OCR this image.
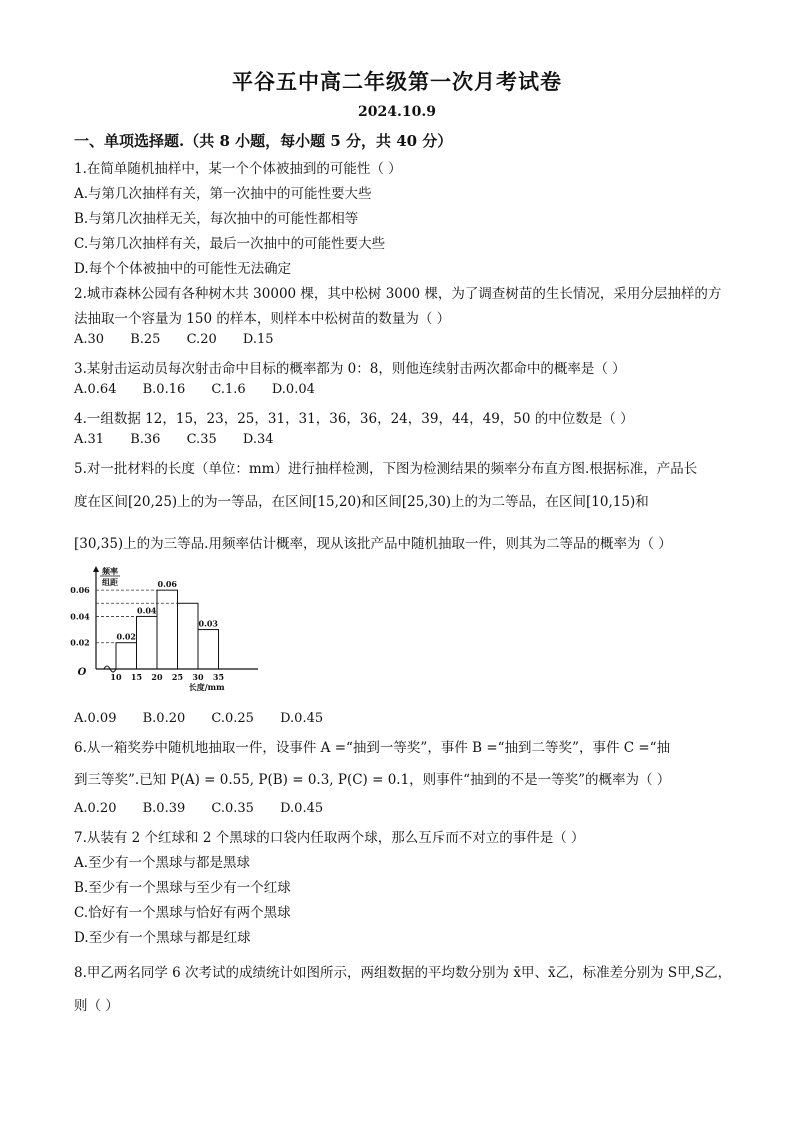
平谷五中高二年级第一次月考试卷
2024.10.9
一、单项选择题.（共 8 小题，每小题 5 分，共 40 分）
1.在简单随机抽样中，某一个个体被抽到的可能性（ ）
A.与第几次抽样有关，第一次抽中的可能性要大些
B.与第几次抽样无关，每次抽中的可能性都相等
C.与第几次抽样有关，最后一次抽中的可能性要大些
D.每个个体被抽中的可能性无法确定
2.城市森林公园有各种树木共 30000 棵，其中松树 3000 棵，为了调查树苗的生长情况，采用分层抽样的方
法抽取一个容量为 150 的样本，则样本中松树苗的数量为（ ）
A.30 B.25 C.20 D.15
3.某射击运动员每次射击命中目标的概率都为 0：8，则他连续射击两次都命中的概率是（ ）
A.0.64 B.0.16 C.1.6 D.0.04
4.一组数据 12，15，23，25，31，31，36，36，24，39，44，49，50 的中位数是（ ）
A.31 B.36 C.35 D.34
5.对一批材料的长度（单位：mm）进行抽样检测，下图为检测结果的频率分布直方图.根据标准，产品长
度在区间[20,25)上的为一等品，在区间[15,20)和区间[25,30)上的为二等品，在区间[10,15)和
[30,35)上的为三等品.用频率估计概率，现从该批产品中随机抽取一件，则其为二等品的概率为（ ）
0.02
0.04
0.06
0.02
0.04
0.06
0.03
10 15 20 25 30 35
O
长度/mm
频率
组距
A.0.09 B.0.20 C.0.25 D.0.45
6.从一箱奖券中随机地抽取一件，设事件 A =“抽到一等奖”，事件 B =“抽到二等奖”，事件 C =“抽
到三等奖”.已知 P(A) = 0.55, P(B) = 0.3, P(C) = 0.1，则事件“抽到的不是一等奖”的概率为（ ）
A.0.20 B.0.39 C.0.35 D.0.45
7.从装有 2 个红球和 2 个黑球的口袋内任取两个球，那么互斥而不对立的事件是（ ）
A.至少有一个黑球与都是黑球
B.至少有一个黑球与至少有一个红球
C.恰好有一个黑球与恰好有两个黑球
D.至少有一个黑球与都是红球
8.甲乙两名同学 6 次考试的成绩统计如图所示，两组数据的平均数分别为 x̄甲、x̄乙，标准差分别为 S甲,S乙，
则（ ）
